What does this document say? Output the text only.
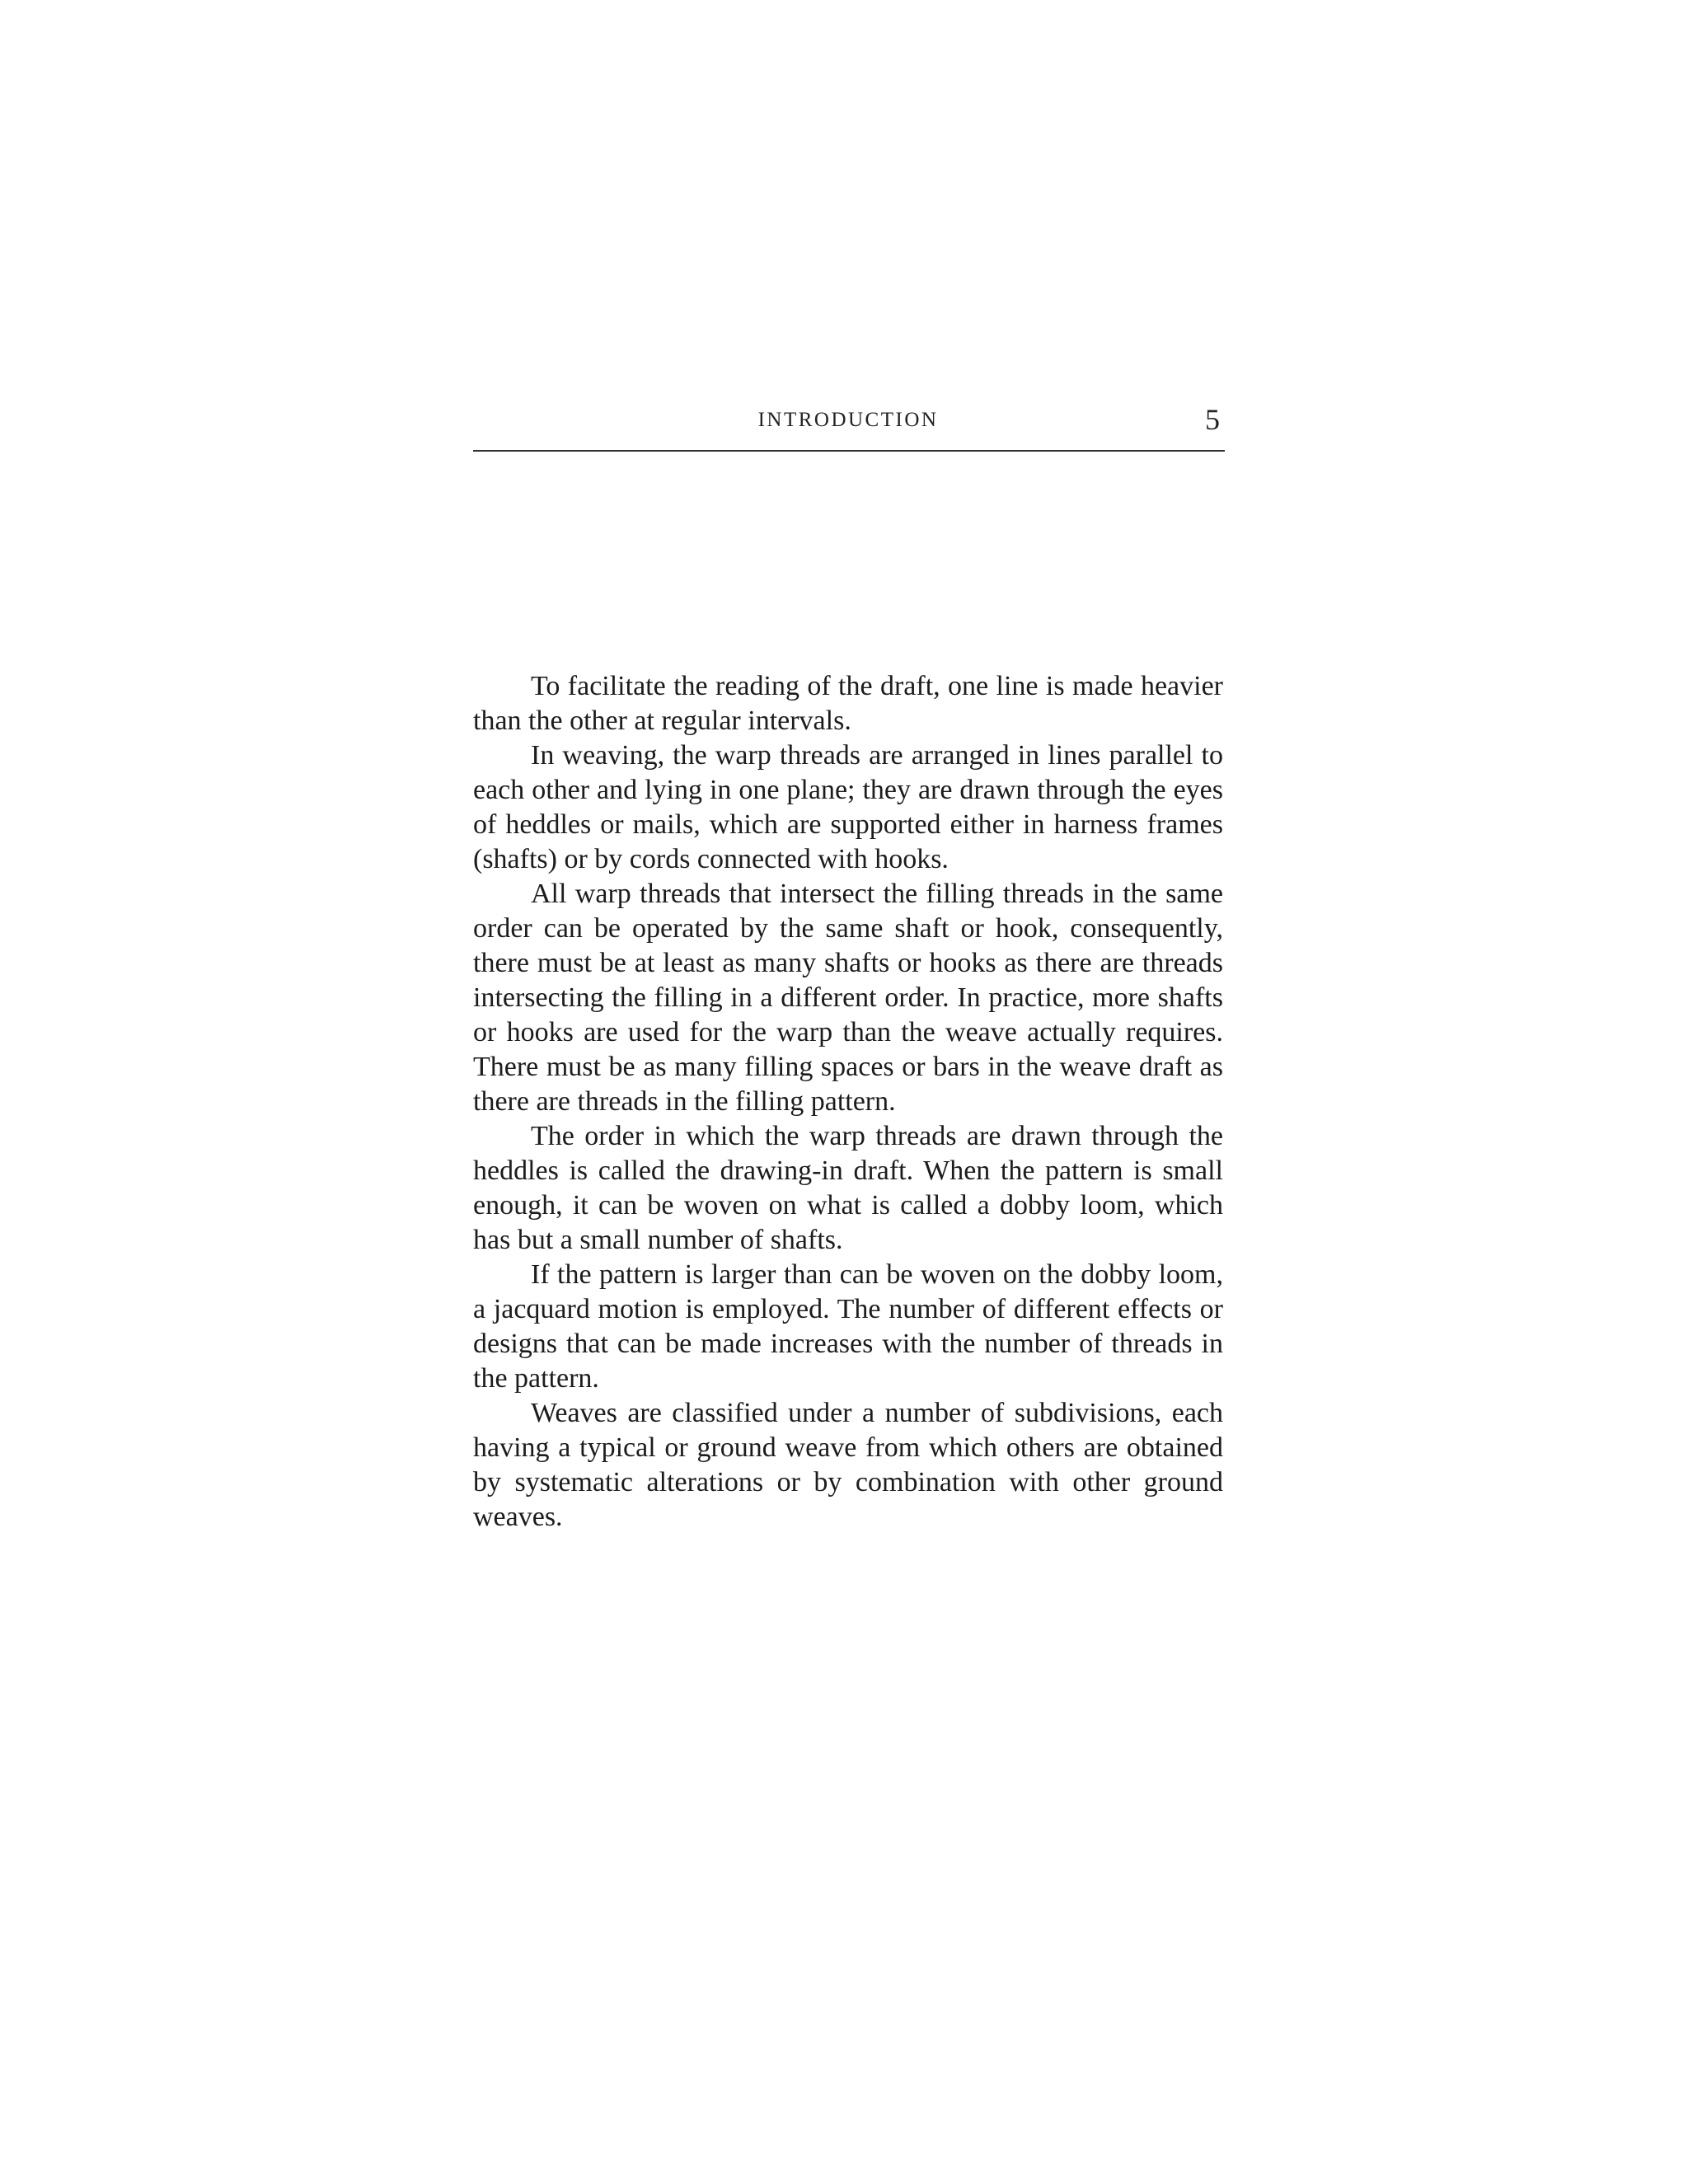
INTRODUCTION	5

To facilitate the reading of the draft, one line is made heavier than the other at regular intervals.

In weaving, the warp threads are arranged in lines parallel to each other and lying in one plane; they are drawn through the eyes of heddles or mails, which are supported either in harness frames (shafts) or by cords connected with hooks.

All warp threads that intersect the filling threads in the same order can be operated by the same shaft or hook, consequently, there must be at least as many shafts or hooks as there are threads intersecting the filling in a different order. In practice, more shafts or hooks are used for the warp than the weave actually requires. There must be as many filling spaces or bars in the weave draft as there are threads in the filling pattern.

The order in which the warp threads are drawn through the heddles is called the drawing-in draft. When the pattern is small enough, it can be woven on what is called a dobby loom, which has but a small number of shafts.

If the pattern is larger than can be woven on the dobby loom, a jacquard motion is employed. The number of different effects or designs that can be made increases with the number of threads in the pattern.

Weaves are classified under a number of subdivisions, each having a typical or ground weave from which others are obtained by systematic alterations or by combination with other ground weaves.
